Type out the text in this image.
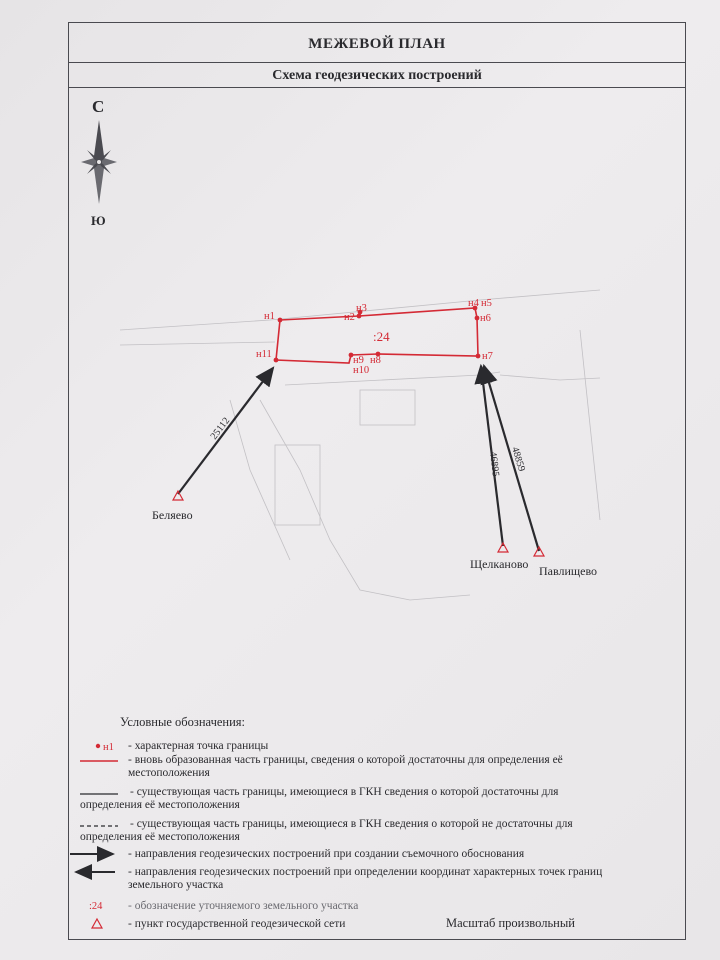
МЕЖЕВОЙ ПЛАН
Схема геодезических построений
С
Ю
н1	н2
н3	н4 н5
н6
н7
н8
н9
н10
н11
:24
25112
46895 48859
Беляево
Щелканово Павлищево
н1
:24
Условные обозначения:
- характерная точка границы
- вновь образованная часть границы, сведения о которой достаточны для определения её местоположения
- существующая часть границы, имеющиеся в ГКН сведения о которой достаточны для определения её местоположения
- существующая часть границы, имеющиеся в ГКН сведения о которой не достаточны для определения её местоположения
- направления геодезических построений при создании съемочного обоснования
- направления геодезических построений при определении координат характерных точек границ земельного участка
- обозначение уточняемого земельного участка
- пункт государственной геодезической сети	Масштаб произвольный
